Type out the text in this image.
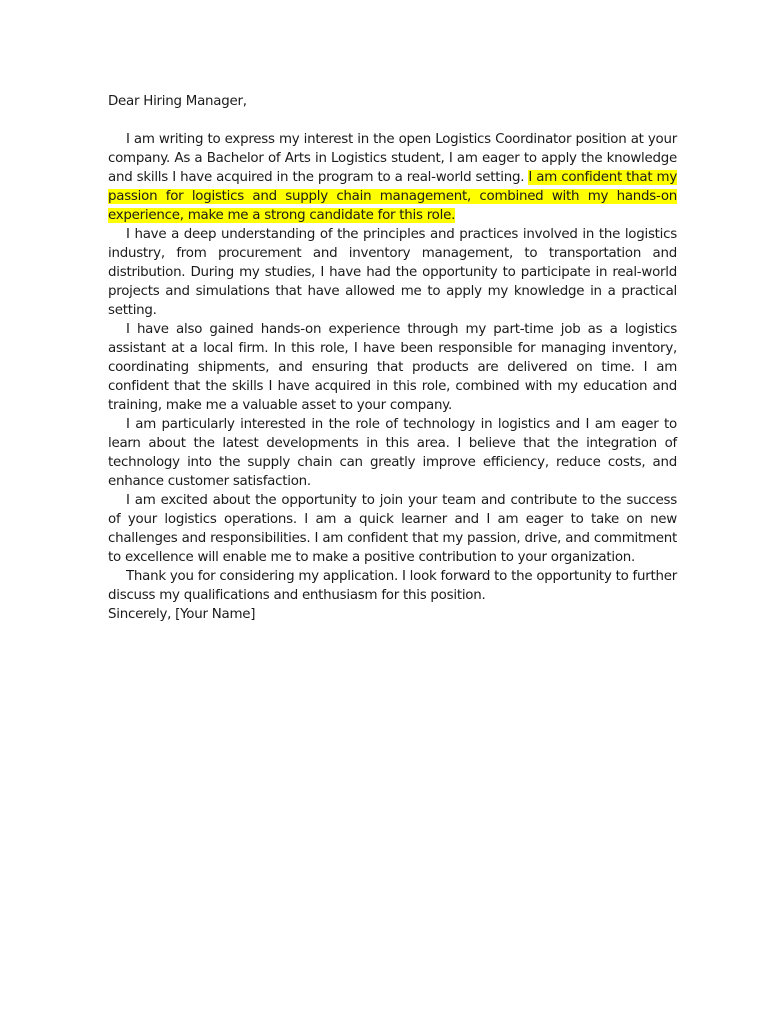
Dear Hiring Manager,

I am writing to express my interest in the open Logistics Coordinator position at your company. As a Bachelor of Arts in Logistics student, I am eager to apply the knowledge and skills I have acquired in the program to a real-world setting. I am confident that my passion for logistics and supply chain management, combined with my hands-on experience, make me a strong candidate for this role.

I have a deep understanding of the principles and practices involved in the logistics industry, from procurement and inventory management, to transportation and distribution. During my studies, I have had the opportunity to participate in real-world projects and simulations that have allowed me to apply my knowledge in a practical setting.

I have also gained hands-on experience through my part-time job as a logistics assistant at a local firm. In this role, I have been responsible for managing inventory, coordinating shipments, and ensuring that products are delivered on time. I am confident that the skills I have acquired in this role, combined with my education and training, make me a valuable asset to your company.

I am particularly interested in the role of technology in logistics and I am eager to learn about the latest developments in this area. I believe that the integration of technology into the supply chain can greatly improve efficiency, reduce costs, and enhance customer satisfaction.

I am excited about the opportunity to join your team and contribute to the success of your logistics operations. I am a quick learner and I am eager to take on new challenges and responsibilities. I am confident that my passion, drive, and commitment to excellence will enable me to make a positive contribution to your organization.

Thank you for considering my application. I look forward to the opportunity to further discuss my qualifications and enthusiasm for this position.

Sincerely, [Your Name]
